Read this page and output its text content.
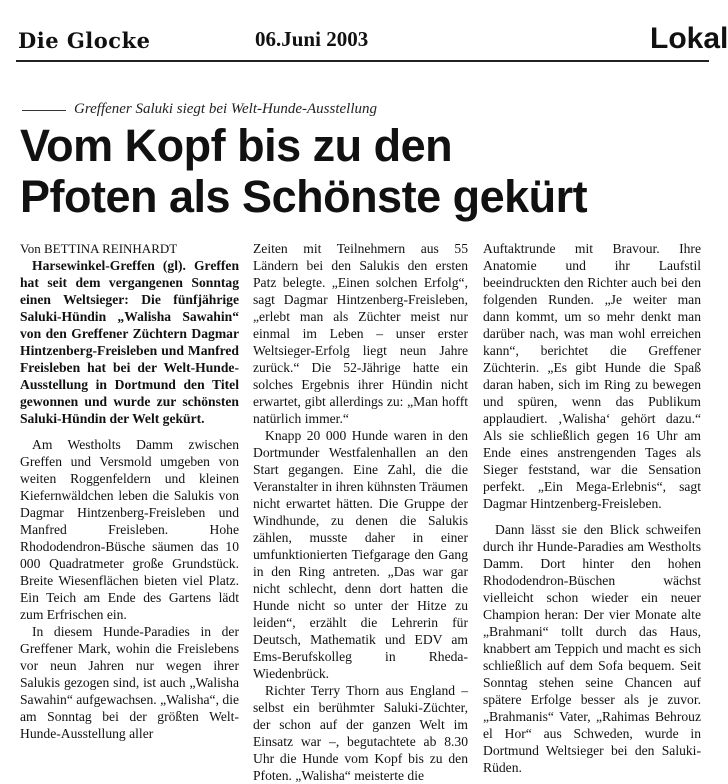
Die Glocke	06.Juni 2003	Lokal
Greffener Saluki siegt bei Welt-Hunde-Ausstellung
Vom Kopf bis zu den
Pfoten als Schönste gekürt

Von BETTINA REINHARDT

Harsewinkel-Greffen (gl). Greffen hat seit dem vergangenen Sonntag einen Weltsieger: Die fünfjährige Saluki-Hündin „Walisha Sawahin“ von den Greffener Züchtern Dagmar Hintzenberg-Freisleben und Manfred Freisleben hat bei der Welt-Hunde-Ausstellung in Dortmund den Titel gewonnen und wurde zur schönsten Saluki-Hündin der Welt gekürt.

Am Westholts Damm zwischen Greffen und Versmold umgeben von weiten Roggenfeldern und kleinen Kiefernwäldchen leben die Salukis von Dagmar Hintzenberg-Freisleben und Manfred Freisleben. Hohe Rhododendron-Büsche säumen das 10 000 Quadratmeter große Grundstück. Breite Wiesenflächen bieten viel Platz. Ein Teich am Ende des Gartens lädt zum Erfrischen ein.

In diesem Hunde-Paradies in der Greffener Mark, wohin die Freislebens vor neun Jahren nur wegen ihrer Salukis gezogen sind, ist auch „Walisha Sawahin“ aufgewachsen. „Walisha“, die am Sonntag bei der größten Welt-Hunde-Ausstellung aller

Zeiten mit Teilnehmern aus 55 Ländern bei den Salukis den ersten Patz belegte. „Einen solchen Erfolg“, sagt Dagmar Hintzenberg-Freisleben, „erlebt man als Züchter meist nur einmal im Leben – unser erster Weltsieger-Erfolg liegt neun Jahre zurück.“ Die 52-Jährige hatte ein solches Ergebnis ihrer Hündin nicht erwartet, gibt allerdings zu: „Man hofft natürlich immer.“

Knapp 20 000 Hunde waren in den Dortmunder Westfalenhallen an den Start gegangen. Eine Zahl, die die Veranstalter in ihren kühnsten Träumen nicht erwartet hätten. Die Gruppe der Windhunde, zu denen die Salukis zählen, musste daher in einer umfunktionierten Tiefgarage den Gang in den Ring antreten. „Das war gar nicht schlecht, denn dort hatten die Hunde nicht so unter der Hitze zu leiden“, erzählt die Lehrerin für Deutsch, Mathematik und EDV am Ems-Berufskolleg in Rheda-Wiedenbrück.

Richter Terry Thorn aus England – selbst ein berühmter Saluki-Züchter, der schon auf der ganzen Welt im Einsatz war –, begutachtete ab 8.30 Uhr die Hunde vom Kopf bis zu den Pfoten. „Walisha“ meisterte die

Auftaktrunde mit Bravour. Ihre Anatomie und ihr Laufstil beeindruckten den Richter auch bei den folgenden Runden. „Je weiter man dann kommt, um so mehr denkt man darüber nach, was man wohl erreichen kann“, berichtet die Greffener Züchterin. „Es gibt Hunde die Spaß daran haben, sich im Ring zu bewegen und spüren, wenn das Publikum applaudiert. ‚Walisha‘ gehört dazu.“ Als sie schließlich gegen 16 Uhr am Ende eines anstrengenden Tages als Sieger feststand, war die Sensation perfekt. „Ein Mega-Erlebnis“, sagt Dagmar Hintzenberg-Freisleben.

Dann lässt sie den Blick schweifen durch ihr Hunde-Paradies am Westholts Damm. Dort hinter den hohen Rhododendron-Büschen wächst vielleicht schon wieder ein neuer Champion heran: Der vier Monate alte „Brahmani“ tollt durch das Haus, knabbert am Teppich und macht es sich schließlich auf dem Sofa bequem. Seit Sonntag stehen seine Chancen auf spätere Erfolge besser als je zuvor. „Brahmanis“ Vater, „Rahimas Behrouz el Hor“ aus Schweden, wurde in Dortmund Weltsieger bei den Saluki-Rüden.
